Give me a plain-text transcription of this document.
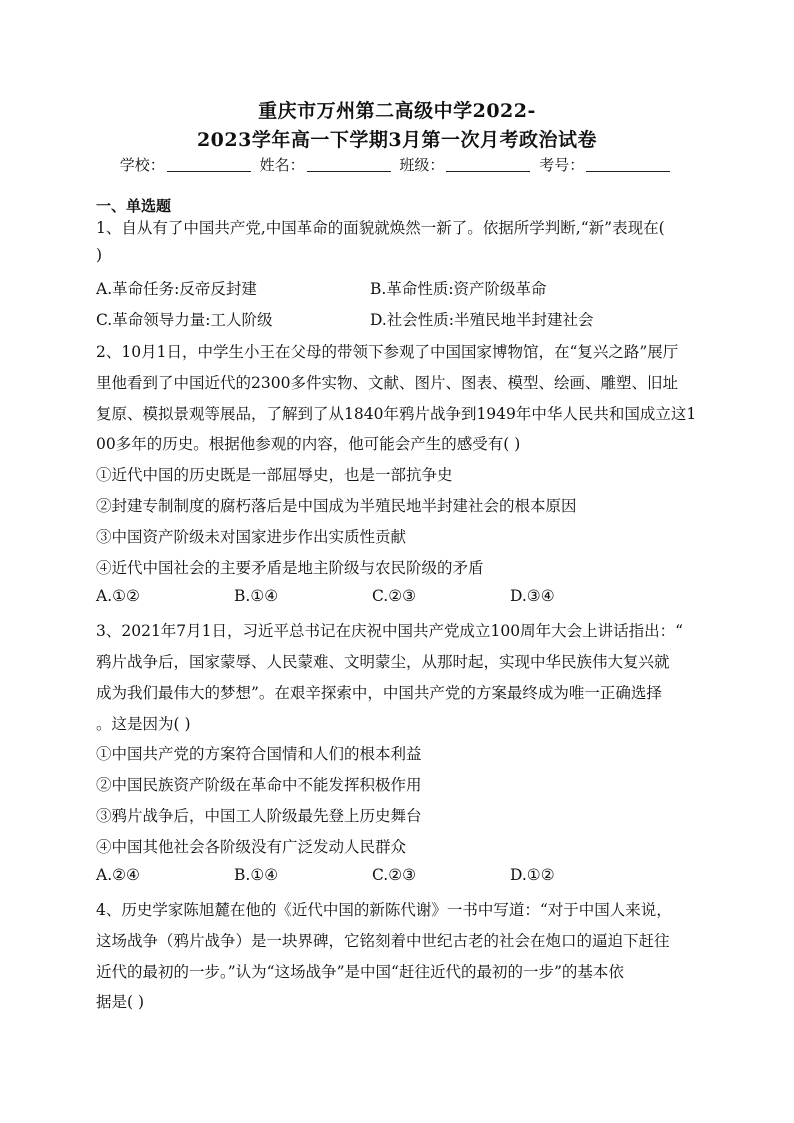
重庆市万州第二高级中学2022-
2023学年高一下学期3月第一次月考政治试卷
学校：	姓名：	班级：	考号：
一、单选题
1、自从有了中国共产党,中国革命的面貌就焕然一新了。依据所学判断,“新”表现在(
)
A.革命任务:反帝反封建	B.革命性质:资产阶级革命
C.革命领导力量:工人阶级	D.社会性质:半殖民地半封建社会
2、10月1日，中学生小王在父母的带领下参观了中国国家博物馆，在“复兴之路”展厅
里他看到了中国近代的2300多件实物、文献、图片、图表、模型、绘画、雕塑、旧址
复原、模拟景观等展品，了解到了从1840年鸦片战争到1949年中华人民共和国成立这1
00多年的历史。根据他参观的内容，他可能会产生的感受有( )
①近代中国的历史既是一部屈辱史，也是一部抗争史
②封建专制制度的腐朽落后是中国成为半殖民地半封建社会的根本原因
③中国资产阶级未对国家进步作出实质性贡献
④近代中国社会的主要矛盾是地主阶级与农民阶级的矛盾
A.①②	B.①④	C.②③	D.③④
3、2021年7月1日，习近平总书记在庆祝中国共产党成立100周年大会上讲话指出：“
鸦片战争后，国家蒙辱、人民蒙难、文明蒙尘，从那时起，实现中华民族伟大复兴就
成为我们最伟大的梦想”。在艰辛探索中，中国共产党的方案最终成为唯一正确选择
。这是因为( )
①中国共产党的方案符合国情和人们的根本利益
②中国民族资产阶级在革命中不能发挥积极作用
③鸦片战争后，中国工人阶级最先登上历史舞台
④中国其他社会各阶级没有广泛发动人民群众
A.②④	B.①④	C.②③	D.①②
4、历史学家陈旭麓在他的《近代中国的新陈代谢》一书中写道：“对于中国人来说，
这场战争（鸦片战争）是一块界碑，它铭刻着中世纪古老的社会在炮口的逼迫下赶往
近代的最初的一步。”认为“这场战争”是中国“赶往近代的最初的一步”的基本依
据是( )
